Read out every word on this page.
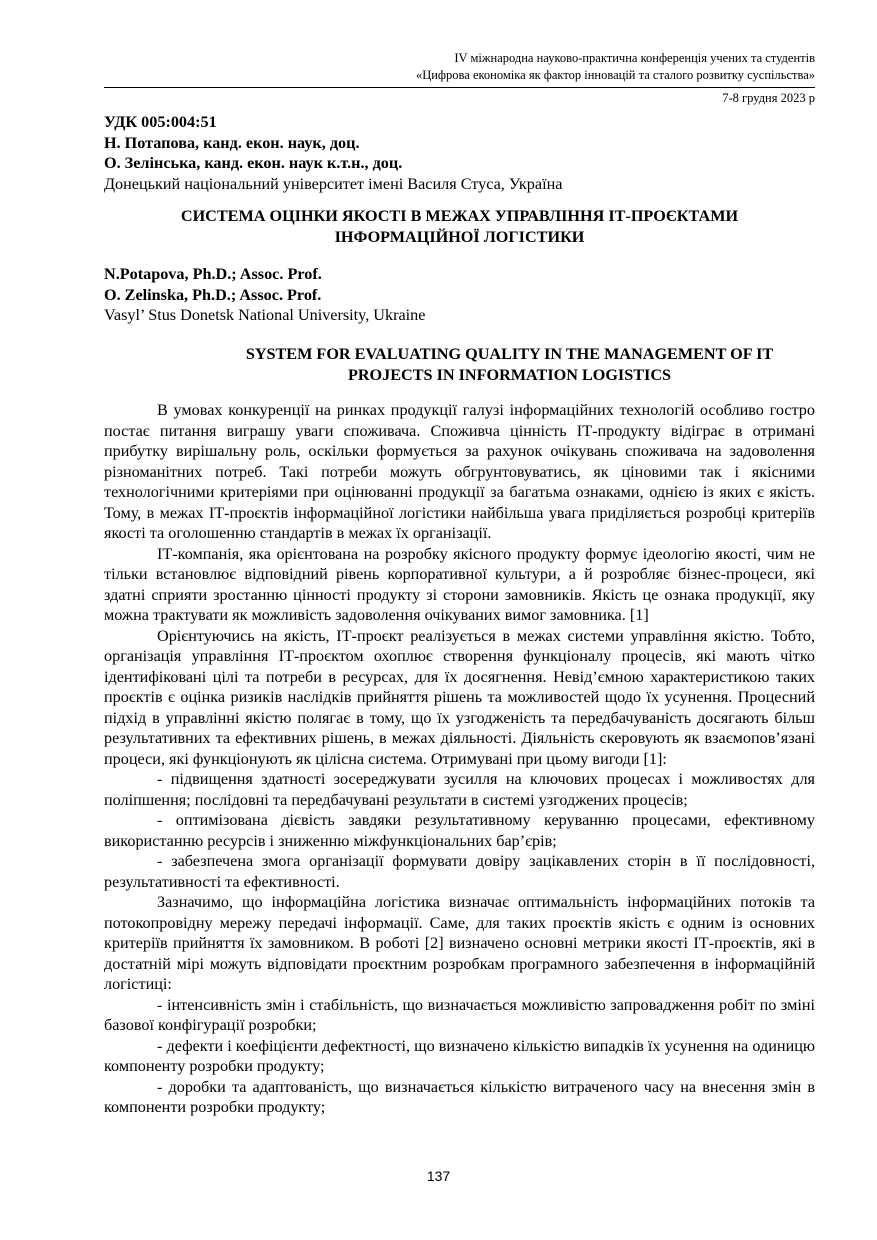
IV міжнародна науково-практична конференція учених та студентів
«Цифрова економіка як фактор інновацій та сталого розвитку суспільства»
7-8 грудня 2023 р
УДК 005:004:51
Н. Потапова, канд. екон. наук, доц.
О. Зелінська, канд. екон. наук к.т.н., доц.
Донецький національний університет імені Василя Стуса, Україна
СИСТЕМА ОЦІНКИ ЯКОСТІ В МЕЖАХ УПРАВЛІННЯ ІТ-ПРОЄКТАМИ
ІНФОРМАЦІЙНОЇ ЛОГІСТИКИ
N.Potapova, Ph.D.; Assoc. Prof.
O. Zelinska, Ph.D.; Assoc. Prof.
Vasyl’ Stus Donetsk National University, Ukraine
SYSTEM FOR EVALUATING QUALITY IN THE MANAGEMENT OF IT
PROJECTS IN INFORMATION LOGISTICS

В умовах конкуренції на ринках продукції галузі інформаційних технологій особливо гостро постає питання виграшу уваги споживача. Споживча цінність ІТ-продукту відіграє в отримані прибутку вирішальну роль, оскільки формується за рахунок очікувань споживача на задоволення різноманітних потреб. Такі потреби можуть обгрунтовуватись, як ціновими так і якісними технологічними критеріями при оцінюванні продукції за багатьма ознаками, однією із яких є якість. Тому, в межах ІТ-проєктів інформаційної логістики найбільша увага приділяється розробці критеріїв якості та оголошенню стандартів в межах їх організації.

ІТ-компанія, яка орієнтована на розробку якісного продукту формує ідеологію якості, чим не тільки встановлює відповідний рівень корпоративної культури, а й розробляє бізнес-процеси, які здатні сприяти зростанню цінності продукту зі сторони замовників. Якість це ознака продукції, яку можна трактувати як можливість задоволення очікуваних вимог замовника. [1]

Орієнтуючись на якість, ІТ-проєкт реалізується в межах системи управління якістю. Тобто, організація управління ІТ-проєктом охоплює створення функціоналу процесів, які мають чітко ідентифіковані цілі та потреби в ресурсах, для їх досягнення. Невід’ємною характеристикою таких проєктів є оцінка ризиків наслідків прийняття рішень та можливостей щодо їх усунення. Процесний підхід в управлінні якістю полягає в тому, що їх узгодженість та передбачуваність досягають більш результативних та ефективних рішень, в межах діяльності. Діяльність скеровують як взаємопов’язані процеси, які функціонують як цілісна система. Отримувані при цьому вигоди [1]:

- підвищення здатності зосереджувати зусилля на ключових процесах і можливостях для поліпшення; послідовні та передбачувані результати в системі узгоджених процесів;

- оптимізована дієвість завдяки результативному керуванню процесами, ефективному використанню ресурсів і зниженню міжфункціональних бар’єрів;

- забезпечена змога організації формувати довіру зацікавлених сторін в її послідовності, результативності та ефективності.

Зазначимо, що інформаційна логістика визначає оптимальність інформаційних потоків та потокопровідну мережу передачі інформації. Саме, для таких проєктів якість є одним із основних критеріїв прийняття їх замовником. В роботі [2] визначено основні метрики якості ІТ-проєктів, які в достатній мірі можуть відповідати проєктним розробкам програмного забезпечення в інформаційній логістиці:

- інтенсивність змін і стабільність, що визначається можливістю запровадження робіт по зміні базової конфігурації розробки;

- дефекти і коефіцієнти дефектності, що визначено кількістю випадків їх усунення на одиницю компоненту розробки продукту;

- доробки та адаптованість, що визначається кількістю витраченого часу на внесення змін в компоненти розробки продукту;

137
